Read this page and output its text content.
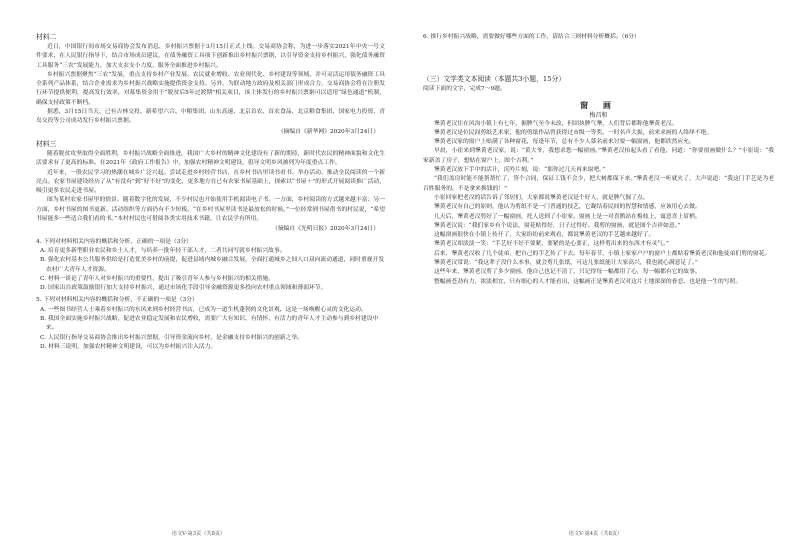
材料二

近日，中国银行间市场交易商协会发布消息，乡村振兴票据于3月15日正式上线。交易商协会称，为进一步落实2021年中央一号文件要求，在人民银行指导下，结合市场成员建议，在债务融资工具项下创新推出乡村振兴票据，以引导资金支持乡村振兴，强化债务融资工具服务“三农”发展能力，加大支农支小力度，服务全面推进乡村振兴。

乡村振兴票据聚焦“三农”发展，重点支持乡村产业发展、农民就业增收、农业现代化、乡村建设等领域，并可灵活运用债务融资工具全系列产品体系，结合企业需求为乡村振兴战略实施提供资金支持。另外，为联动地方政府及相关部门形成合力，交易商协会将在注册发行环节提供便利，提高发行效率，对募集资金用于“脱贫后5年过渡期”相关项目，该主体发行的乡村振兴票据可以适用“绿色通道”机制，确保支持政策不断档。

据悉，3月15日当天，已有吉林交投、新希望六合、中粮集团、山东高速、北京首农、首农食品、北京粮食集团、国家电力投资、青岛交投等公司成功发行乡村振兴票据。

（摘编自《新华网》2020年3月24日）
材料三

随着脱贫攻坚取得全面胜利，乡村振兴战略全面推进，我国广大乡村的精神文化建设有了新的期待，新时代农民的精神面貌和文化生活要求有了更高的标准。在2021年《政府工作报告》中，加强农村精神文明建设，倡导文明乡风被列为年度重点工作。

近年来，一股农民学习的热潮在城乡广泛兴起。尝试走进乡村经营书店，在乡村书店里读书看书、举办活动、推动全民阅读的一个新亮点。农家书屋建设经历了从“有没有”到“好不好”的变化，更多地方在已有农家书屋基础上，探索以“书屋＋”的形式开展阅读推广活动，吸引更多农民走进书屋。

图为某村农家书屋里的情景。随着数字化的发展，不少村民也开始使用手机阅读电子书。一方面，乡村阅读的方式越来越丰富；另一方面，乡村书屋的图书更新、活动组织等方面仍有不少短板。“在乡村书屋里读书是最放松的时候。”一位经常到书屋借书的村民说，“希望书屋能多一些适合我们看的书。”本村村民也可借阅各类实用技术书籍，让农民学有所用。

（摘编自《光明日报》2020年3月24日）
4. 下列对材料相关内容的概括和分析，正确的一项是（3分）
A. 培育更多新型职业农民和乡土人才，与培养一批年轻干部人才，二者共同写就乡村振兴故事。
B. 强化农村基本公共服务供给是打造优美乡村的前提，促进县域内城乡融合发展，全面打通城乡之间人口双向流动通道，同时重视开发农村广大青年人才资源。
C. 材料一谈论了青年人对乡村振兴的重要性，提出了吸引青年人参与乡村振兴的相关措施。
D. 国家出台政策鼓励银行加大支持乡村振兴，通过市场化手段引导金融资源更多投向农村重点领域和薄弱环节。
5. 下列对材料相关内容的概括和分析，不正确的一项是（3分）
A. 一些图书经营人士乘着乡村振兴的东风来到乡村经营书店，已成为一道生机蓬勃的文化景观，这是一场唤醒心灵的文化运动。
B. 我国全面实施乡村振兴战略，促进农业稳定发展和农民增收，需要广大有知识、有情怀、有活力的青年人才主动参与到乡村建设中来。
C. 人民银行指导交易商协会推出乡村振兴票据，引导资金流向乡村，是金融支持乡村振兴的创新之举。
D. 材料三说明，加强农村精神文明建设，可以为乡村振兴注入活力。
语文Ⅴ·第3页（共8页）
6. 推行乡村振兴战略，需要做好哪些方面的工作，请结合三则材料分析概括。（6分）
（三）文学类文本阅读（本题共3小题，15分）

阅读下面的文字，完成7～9题。

窗 画
梅昌和

犟黄老汉住在风沟小镇上有七年，倔脾气至今未改，但固执脾气犟，人们背后都称他犟黄老汉。

犟黄老汉是位民间剪纸艺术家，他的剪纸作品曾获得过市级一等奖，一时名声大振，前来求画的人络绎不绝。

犟黄老汉家的窗户上贴满了各种窗花，每逢年节，总有不少人慕名前来讨要一幅窗画，他都欣然应允。

早晨，小崔来到犟黄老汉家，说：“黄大爷，我想求您一幅窗画。”犟黄老汉抬起头看了看他，问道：“你要窗画做什么？”小崔说：“我家新盖了房子，想贴在窗户上，图个吉利。”

犟黄老汉放下手中的活计，沉吟片刻，说：“那你过几天再来取吧。”

“我们盖房时能不能帮帮忙了，签个合同，保证工钱不会少，把大树都保下来。”犟黄老汉一听就火了，大声说道：“我这门手艺是为老百姓服务的，不是拿来换钱的！”

小崔回家把老汉的话告诉了邻居们，大家都说犟黄老汉是个好人，就是脾气倔了点。

犟黄老汉有自己的原则，他认为剪纸不是一门普通的技艺，它凝结着民间的智慧和情感，应该用心去做。

几天后，犟黄老汉剪好了一幅窗画，托人送到了小崔家。窗画上是一对喜鹊站在梅枝上，寓意喜上眉梢。

犟黄老汉说：“我们家乡有个说法，窗花贴得好，日子过得好。我剪的窗画，就是图个吉祥如意。”

这幅窗画很快在小镇上传开了，大家纷纷前来观看，都说犟黄老汉的手艺越来越好了。

犟黄老汉却淡淡一笑：“手艺好不好不要紧，要紧的是心要正，这样剪出来的东西才有灵气。”

后来，犟黄老汉收了几个徒弟，把自己的手艺传了下去。每年春节，小镇上家家户户的窗户上都贴着犟黄老汉和他徒弟们剪的窗花。

犟黄老汉常说：“我这辈子没什么本事，就会剪几张纸，可这几张纸能让大家高兴，我也就心满意足了。”

这些年来，犟黄老汉剪了多少窗画，他自己也记不清了，只记得每一幅都用了心，每一幅都有它的故事。

整幅画苍劲有力，浓淡相宜，只有细心的人才能看出，这幅画正是犟黄老汉对这片土地深深的眷恋，也是他一生的写照。

语文Ⅴ·第4页（共8页）
